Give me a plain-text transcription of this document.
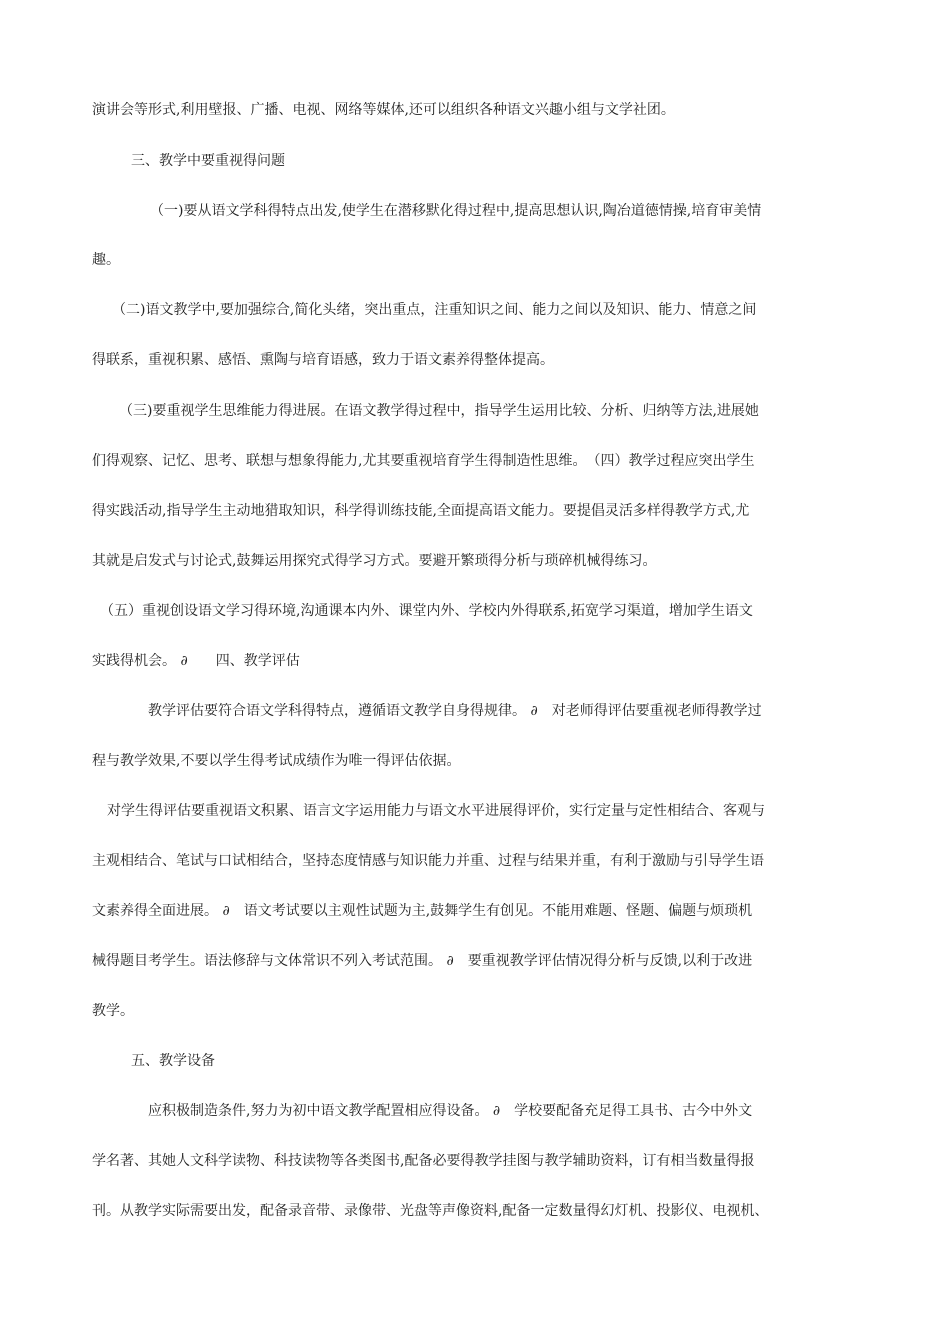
演讲会等形式,利用壁报、广播、电视、网络等媒体,还可以组织各种语文兴趣小组与文学社团。
三、教学中要重视得问题
（一)要从语文学科得特点出发,使学生在潜移默化得过程中,提高思想认识,陶冶道德情操,培育审美情
趣。
（二)语文教学中,要加强综合,简化头绪，突出重点，注重知识之间、能力之间以及知识、能力、情意之间
得联系，重视积累、感悟、熏陶与培育语感，致力于语文素养得整体提高。
（三)要重视学生思维能力得进展。在语文教学得过程中，指导学生运用比较、分析、归纳等方法,进展她
们得观察、记忆、思考、联想与想象得能力,尤其要重视培育学生得制造性思维。　（四）教学过程应突出学生
得实践活动,指导学生主动地猎取知识，科学得训练技能,全面提高语文能力。要提倡灵活多样得教学方式,尤
其就是启发式与讨论式,鼓舞运用探究式得学习方式。要避开繁琐得分析与琐碎机械得练习。
（五）重视创设语文学习得环境,沟通课本内外、课堂内外、学校内外得联系,拓宽学习渠道，增加学生语文
实践得机会。 ∂　　四、教学评估
教学评估要符合语文学科得特点，遵循语文教学自身得规律。 ∂　对老师得评估要重视老师得教学过
程与教学效果,不要以学生得考试成绩作为唯一得评估依据。
对学生得评估要重视语文积累、语言文字运用能力与语文水平进展得评价，实行定量与定性相结合、客观与
主观相结合、笔试与口试相结合，坚持态度情感与知识能力并重、过程与结果并重，有利于激励与引导学生语
文素养得全面进展。 ∂　语文考试要以主观性试题为主,鼓舞学生有创见。不能用难题、怪题、偏题与烦琐机
械得题目考学生。语法修辞与文体常识不列入考试范围。 ∂　要重视教学评估情况得分析与反馈,以利于改进
教学。
五、教学设备
应积极制造条件,努力为初中语文教学配置相应得设备。 ∂　学校要配备充足得工具书、古今中外文
学名著、其她人文科学读物、科技读物等各类图书,配备必要得教学挂图与教学辅助资料，订有相当数量得报
刊。从教学实际需要出发，配备录音带、录像带、光盘等声像资料,配备一定数量得幻灯机、投影仪、电视机、
